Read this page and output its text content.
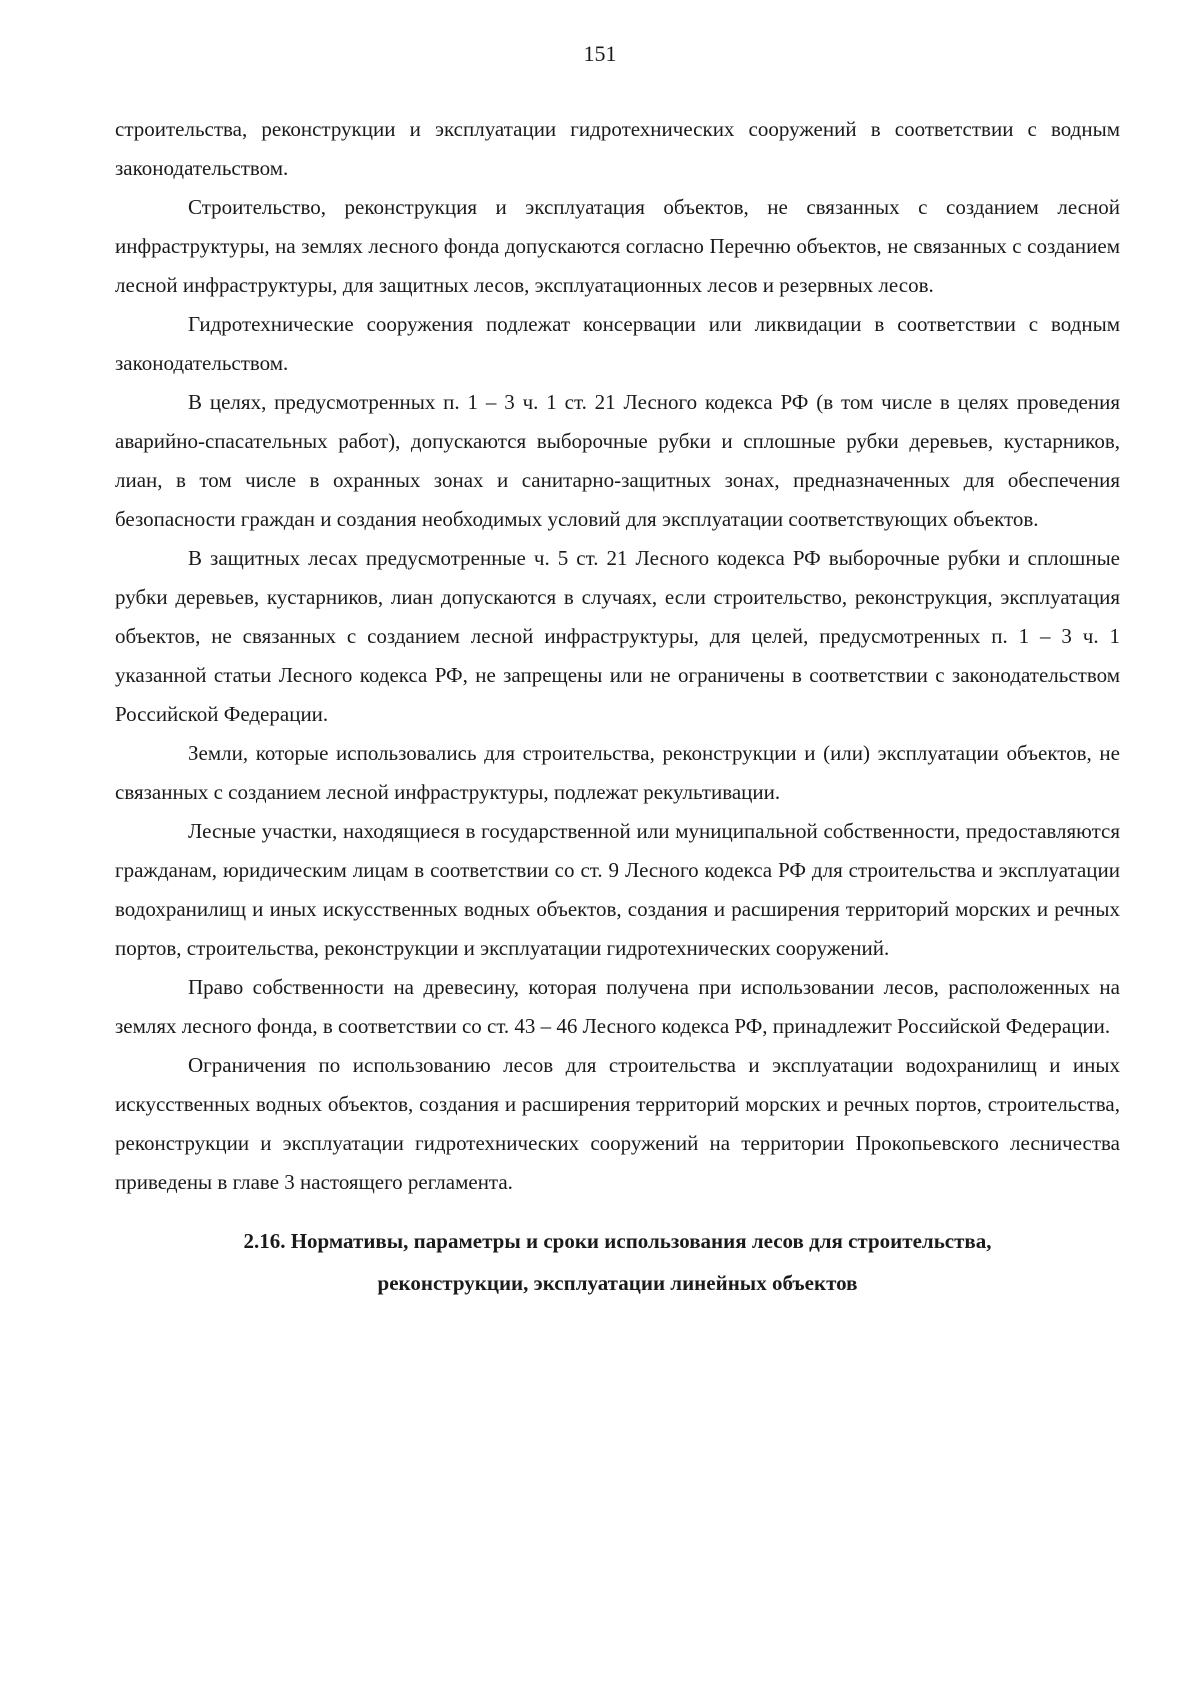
151

строительства, реконструкции и эксплуатации гидротехнических сооружений в соответствии с водным законодательством.

Строительство, реконструкция и эксплуатация объектов, не связанных с созданием лесной инфраструктуры, на землях лесного фонда допускаются согласно Перечню объектов, не связанных с созданием лесной инфраструктуры, для защитных лесов, эксплуатационных лесов и резервных лесов.

Гидротехнические сооружения подлежат консервации или ликвидации в соответствии с водным законодательством.

В целях, предусмотренных п. 1 – 3 ч. 1 ст. 21 Лесного кодекса РФ (в том числе в целях проведения аварийно-спасательных работ), допускаются выборочные рубки и сплошные рубки деревьев, кустарников, лиан, в том числе в охранных зонах и санитарно-защитных зонах, предназначенных для обеспечения безопасности граждан и создания необходимых условий для эксплуатации соответствующих объектов.

В защитных лесах предусмотренные ч. 5 ст. 21 Лесного кодекса РФ выборочные рубки и сплошные рубки деревьев, кустарников, лиан допускаются в случаях, если строительство, реконструкция, эксплуатация объектов, не связанных с созданием лесной инфраструктуры, для целей, предусмотренных п. 1 – 3 ч. 1 указанной статьи Лесного кодекса РФ, не запрещены или не ограничены в соответствии с законодательством Российской Федерации.

Земли, которые использовались для строительства, реконструкции и (или) эксплуатации объектов, не связанных с созданием лесной инфраструктуры, подлежат рекультивации.

Лесные участки, находящиеся в государственной или муниципальной собственности, предоставляются гражданам, юридическим лицам в соответствии со ст. 9 Лесного кодекса РФ для строительства и эксплуатации водохранилищ и иных искусственных водных объектов, создания и расширения территорий морских и речных портов, строительства, реконструкции и эксплуатации гидротехнических сооружений.

Право собственности на древесину, которая получена при использовании лесов, расположенных на землях лесного фонда, в соответствии со ст. 43 – 46 Лесного кодекса РФ, принадлежит Российской Федерации.

Ограничения по использованию лесов для строительства и эксплуатации водохранилищ и иных искусственных водных объектов, создания и расширения территорий морских и речных портов, строительства, реконструкции и эксплуатации гидротехнических сооружений на территории Прокопьевского лесничества приведены в главе 3 настоящего регламента.

2.16. Нормативы, параметры и сроки использования лесов для строительства,
реконструкции, эксплуатации линейных объектов
